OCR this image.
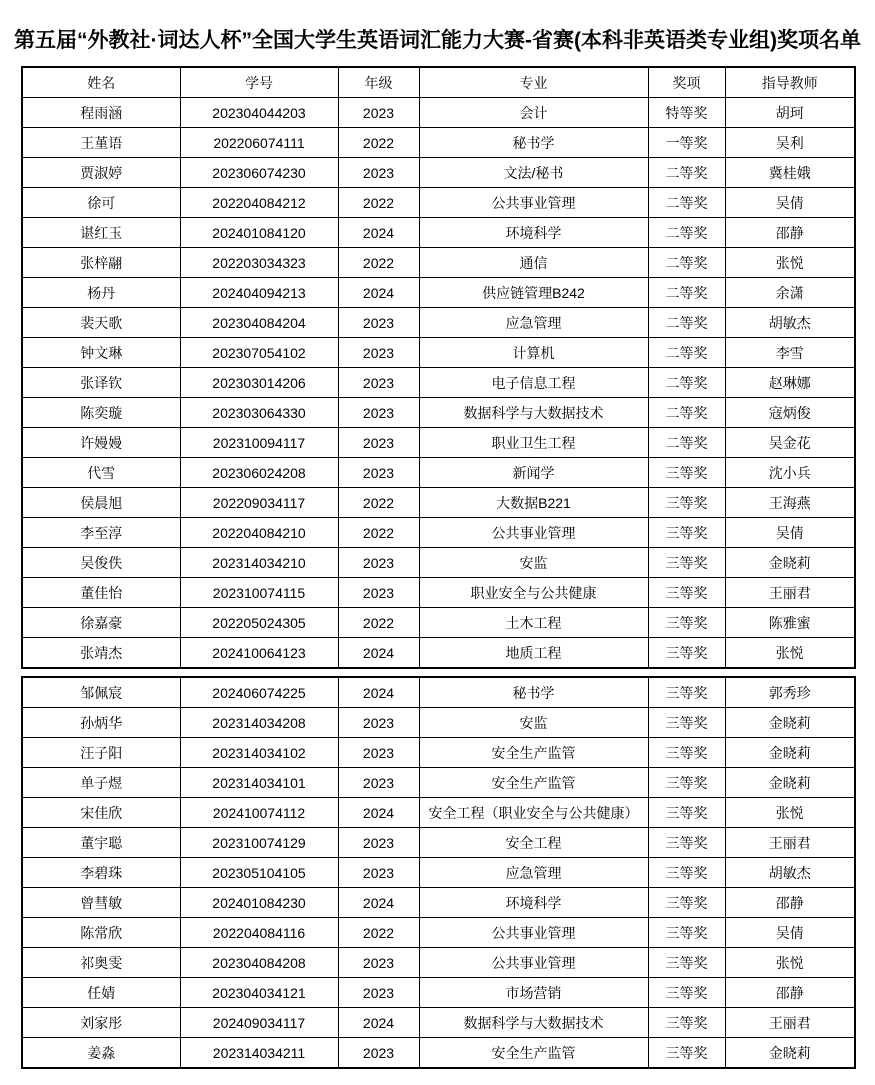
第五届“外教社·词达人杯”全国大学生英语词汇能力大赛-省赛(本科非英语类专业组)奖项名单
姓名	学号	年级	专业	奖项	指导教师
程雨涵	202304044203	2023	会计	特等奖	胡珂
王堇语	202206074111	2022	秘书学	一等奖	吴利
贾淑婷	202306074230	2023	文法/秘书	二等奖	冀桂娥
徐可	202204084212	2022	公共事业管理	二等奖	吴倩
谌红玉	202401084120	2024	环境科学	二等奖	邵静
张梓翮	202203034323	2022	通信	二等奖	张悦
杨丹	202404094213	2024	供应链管理B242	二等奖	余潇
裴天歌	202304084204	2023	应急管理	二等奖	胡敏杰
钟文琳	202307054102	2023	计算机	二等奖	李雪
张译钦	202303014206	2023	电子信息工程	二等奖	赵琳娜
陈奕璇	202303064330	2023	数据科学与大数据技术	二等奖	寇炳俊
许嫚嫚	202310094117	2023	职业卫生工程	二等奖	吴金花
代雪	202306024208	2023	新闻学	三等奖	沈小兵
侯晨旭	202209034117	2022	大数据B221	三等奖	王海燕
李至淳	202204084210	2022	公共事业管理	三等奖	吴倩
吴俊佚	202314034210	2023	安监	三等奖	金晓莉
董佳怡	202310074115	2023	职业安全与公共健康	三等奖	王丽君
徐嘉豪	202205024305	2022	土木工程	三等奖	陈雅蜜
张靖杰	202410064123	2024	地质工程	三等奖	张悦
邹佩宸	202406074225	2024	秘书学	三等奖	郭秀珍
孙炳华	202314034208	2023	安监	三等奖	金晓莉
汪子阳	202314034102	2023	安全生产监管	三等奖	金晓莉
单子煜	202314034101	2023	安全生产监管	三等奖	金晓莉
宋佳欣	202410074112	2024	安全工程（职业安全与公共健康）	三等奖	张悦
董宇聪	202310074129	2023	安全工程	三等奖	王丽君
李碧珠	202305104105	2023	应急管理	三等奖	胡敏杰
曾彗敏	202401084230	2024	环境科学	三等奖	邵静
陈常欣	202204084116	2022	公共事业管理	三等奖	吴倩
祁奥雯	202304084208	2023	公共事业管理	三等奖	张悦
任婧	202304034121	2023	市场营销	三等奖	邵静
刘家彤	202409034117	2024	数据科学与大数据技术	三等奖	王丽君
姜淼	202314034211	2023	安全生产监管	三等奖	金晓莉
